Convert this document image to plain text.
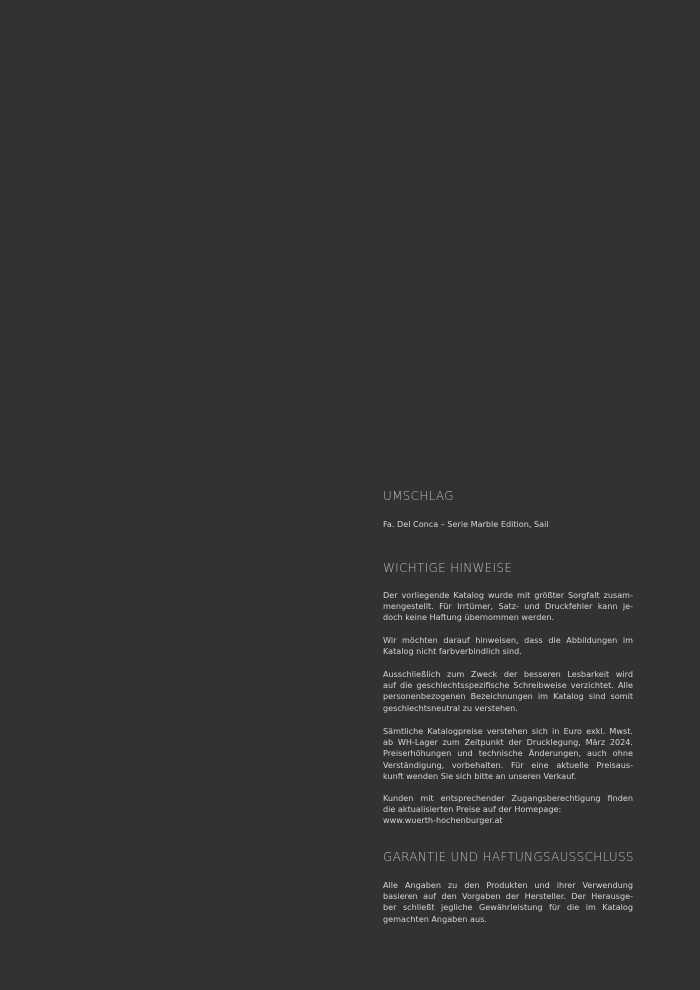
UMSCHLAG
Fa. Del Conca – Serie Marble Edition, Sail
WICHTIGE HINWEISE
Der vorliegende Katalog wurde mit größter Sorgfalt zusam-
mengestellt. Für Irrtümer, Satz- und Druckfehler kann je-
doch keine Haftung übernommen werden.
Wir möchten darauf hinweisen, dass die Abbildungen im
Katalog nicht farbverbindlich sind.
Ausschließlich zum Zweck der besseren Lesbarkeit wird
auf die geschlechtsspezifische Schreibweise verzichtet. Alle
personenbezogenen Bezeichnungen im Katalog sind somit
geschlechtsneutral zu verstehen.
Sämtliche Katalogpreise verstehen sich in Euro exkl. Mwst.
ab WH-Lager zum Zeitpunkt der Drucklegung, März 2024.
Preiserhöhungen und technische Änderungen, auch ohne
Verständigung, vorbehalten. Für eine aktuelle Preisaus-
kunft wenden Sie sich bitte an unseren Verkauf.
Kunden mit entsprechender Zugangsberechtigung finden
die aktualisierten Preise auf der Homepage:
www.wuerth-hochenburger.at
GARANTIE UND HAFTUNGSAUSSCHLUSS
Alle Angaben zu den Produkten und ihrer Verwendung
basieren auf den Vorgaben der Hersteller. Der Herausge-
ber schließt jegliche Gewährleistung für die im Katalog
gemachten Angaben aus.
